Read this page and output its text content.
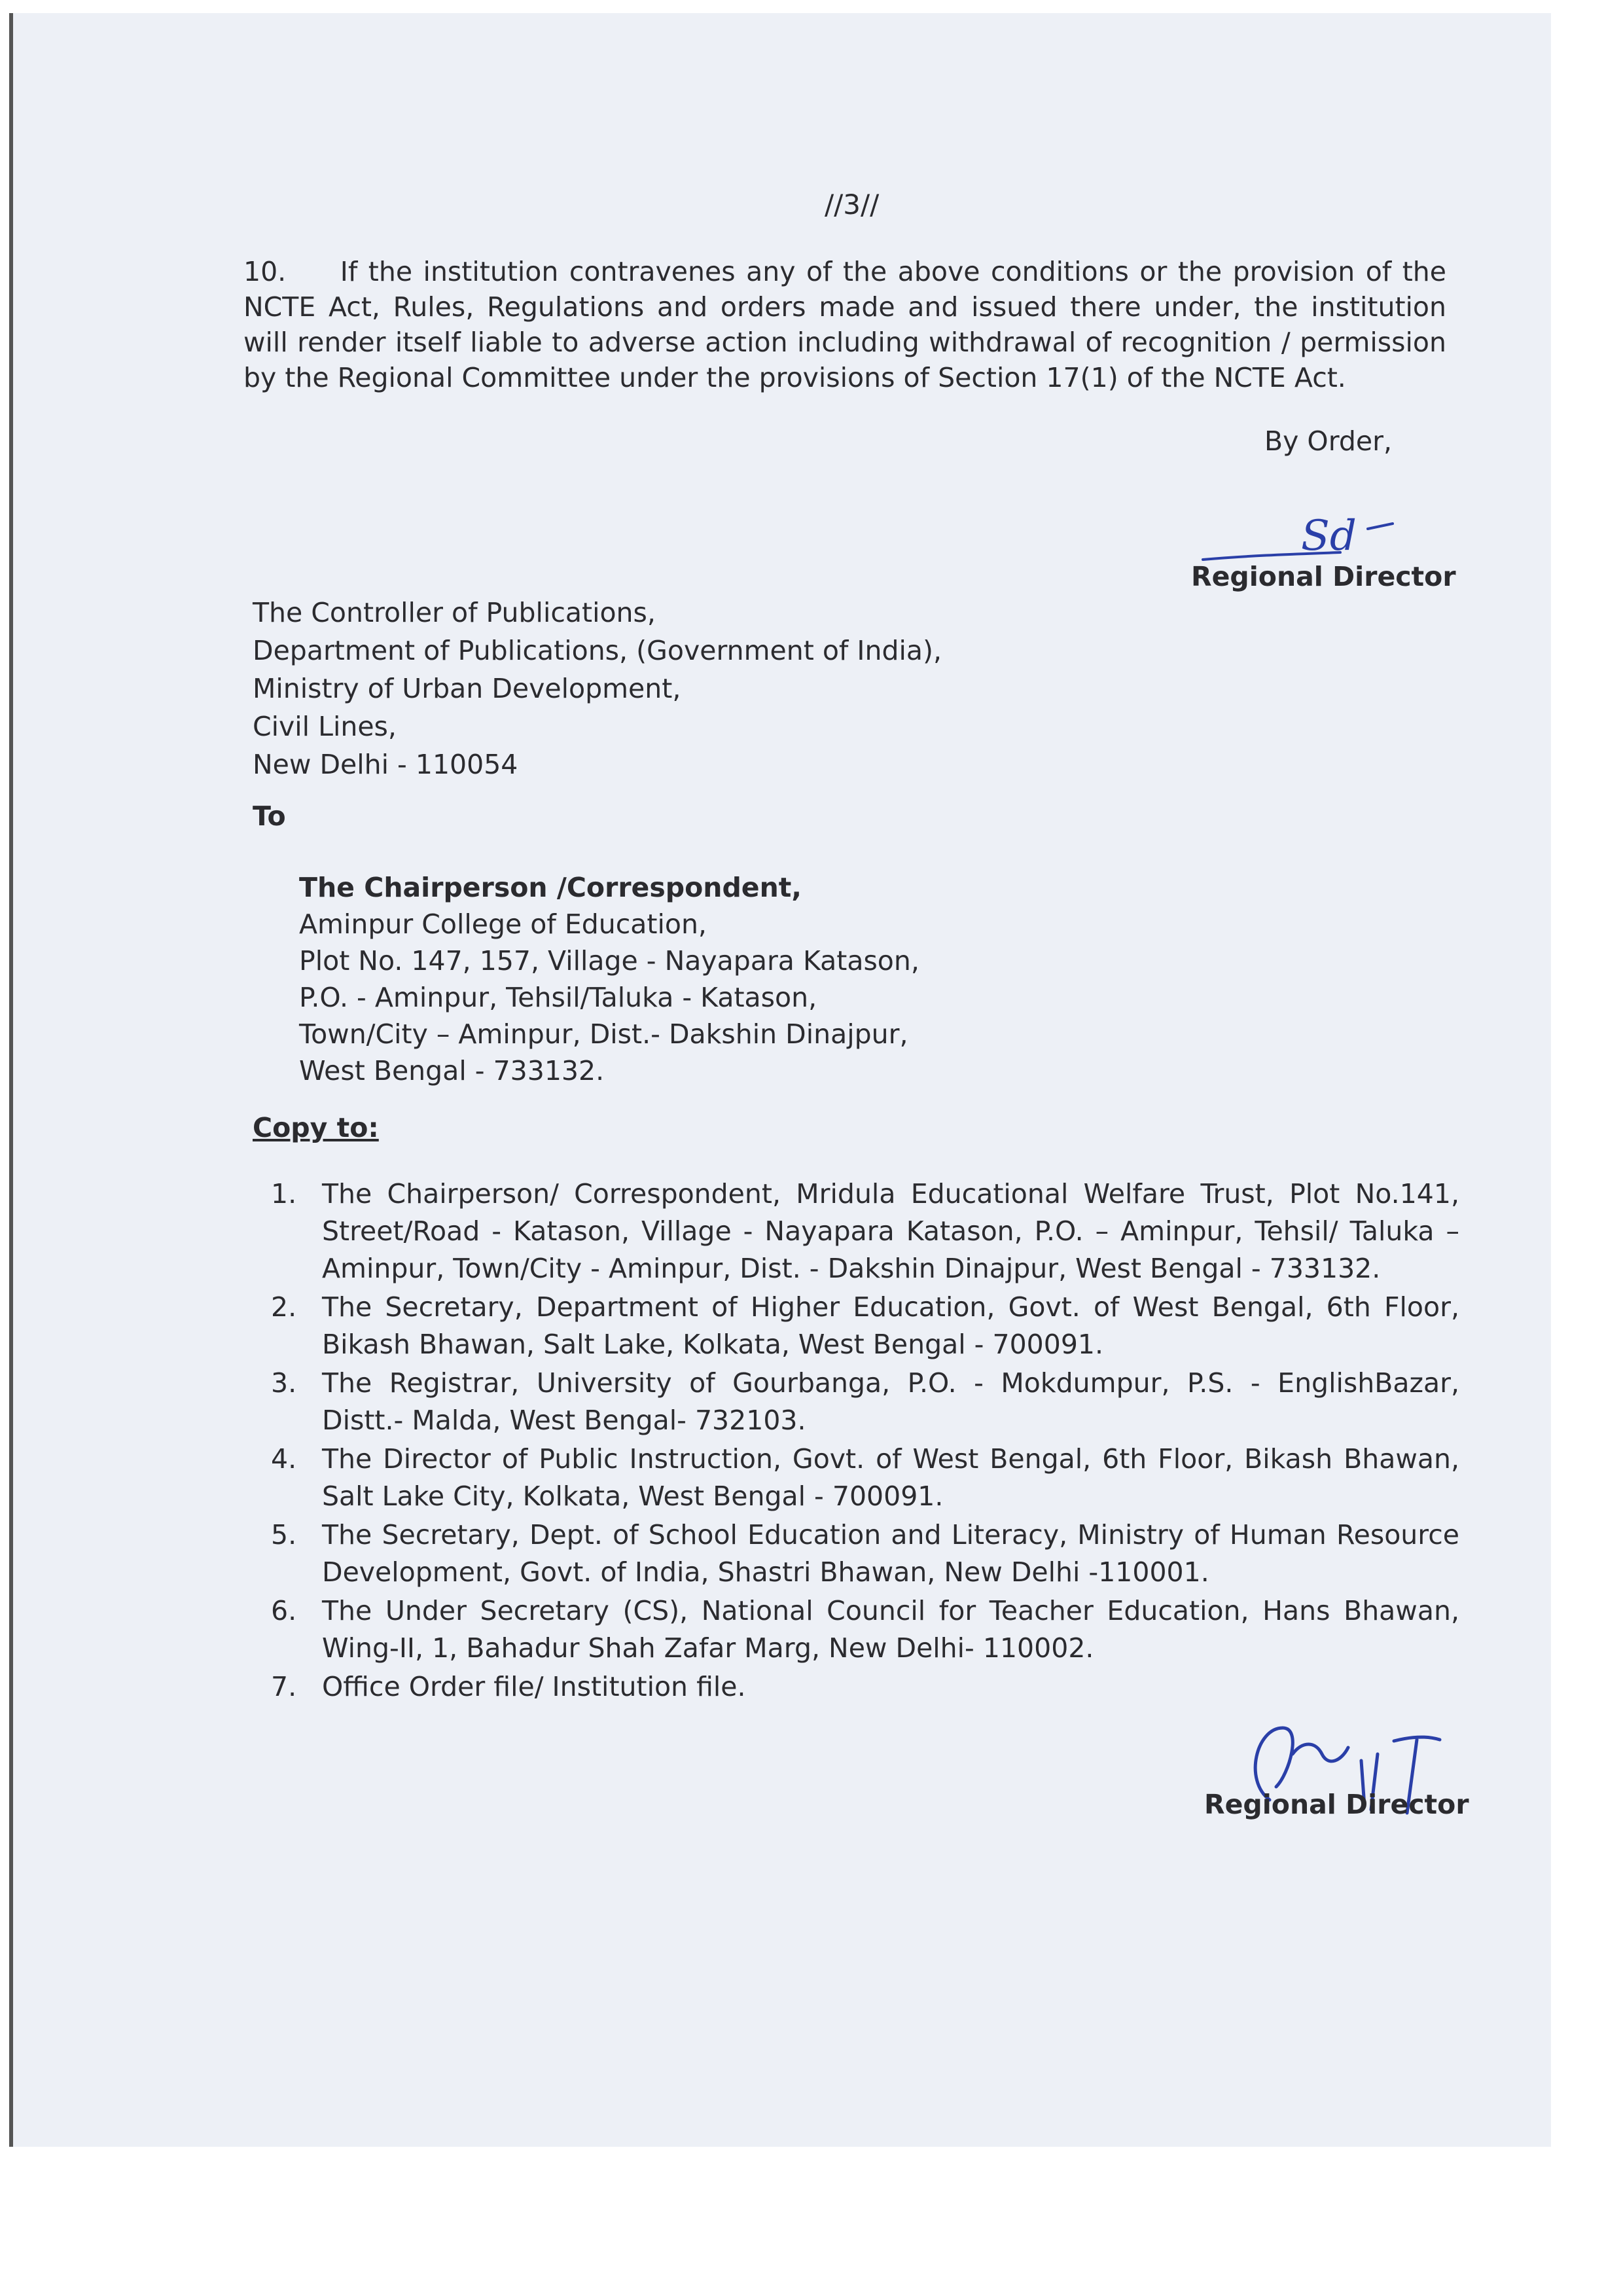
//3//
10. If the institution contravenes any of the above conditions or the provision of the NCTE Act, Rules, Regulations and orders made and issued there under, the institution will render itself liable to adverse action including withdrawal of recognition / permission by the Regional Committee under the provisions of Section 17(1) of the NCTE Act.
By Order,
Sd
Regional Director
The Controller of Publications,
Department of Publications, (Government of India),
Ministry of Urban Development,
Civil Lines,
New Delhi - 110054
To
The Chairperson /Correspondent,
Aminpur College of Education,
Plot No. 147, 157, Village - Nayapara Katason,
P.O. - Aminpur, Tehsil/Taluka - Katason,
Town/City – Aminpur, Dist.- Dakshin Dinajpur,
West Bengal - 733132.
Copy to:
1. The Chairperson/ Correspondent, Mridula Educational Welfare Trust, Plot No.141, Street/Road - Katason, Village - Nayapara Katason, P.O. – Aminpur, Tehsil/ Taluka – Aminpur, Town/City - Aminpur, Dist. - Dakshin Dinajpur, West Bengal - 733132.
2. The Secretary, Department of Higher Education, Govt. of West Bengal, 6th Floor, Bikash Bhawan, Salt Lake, Kolkata, West Bengal - 700091.
3. The Registrar, University of Gourbanga, P.O. - Mokdumpur, P.S. - EnglishBazar, Distt.- Malda, West Bengal- 732103.
4. The Director of Public Instruction, Govt. of West Bengal, 6th Floor, Bikash Bhawan, Salt Lake City, Kolkata, West Bengal - 700091.
5. The Secretary, Dept. of School Education and Literacy, Ministry of Human Resource Development, Govt. of India, Shastri Bhawan, New Delhi -110001.
6. The Under Secretary (CS), National Council for Teacher Education, Hans Bhawan, Wing-II, 1, Bahadur Shah Zafar Marg, New Delhi- 110002.
7. Office Order file/ Institution file.
Regional Director
